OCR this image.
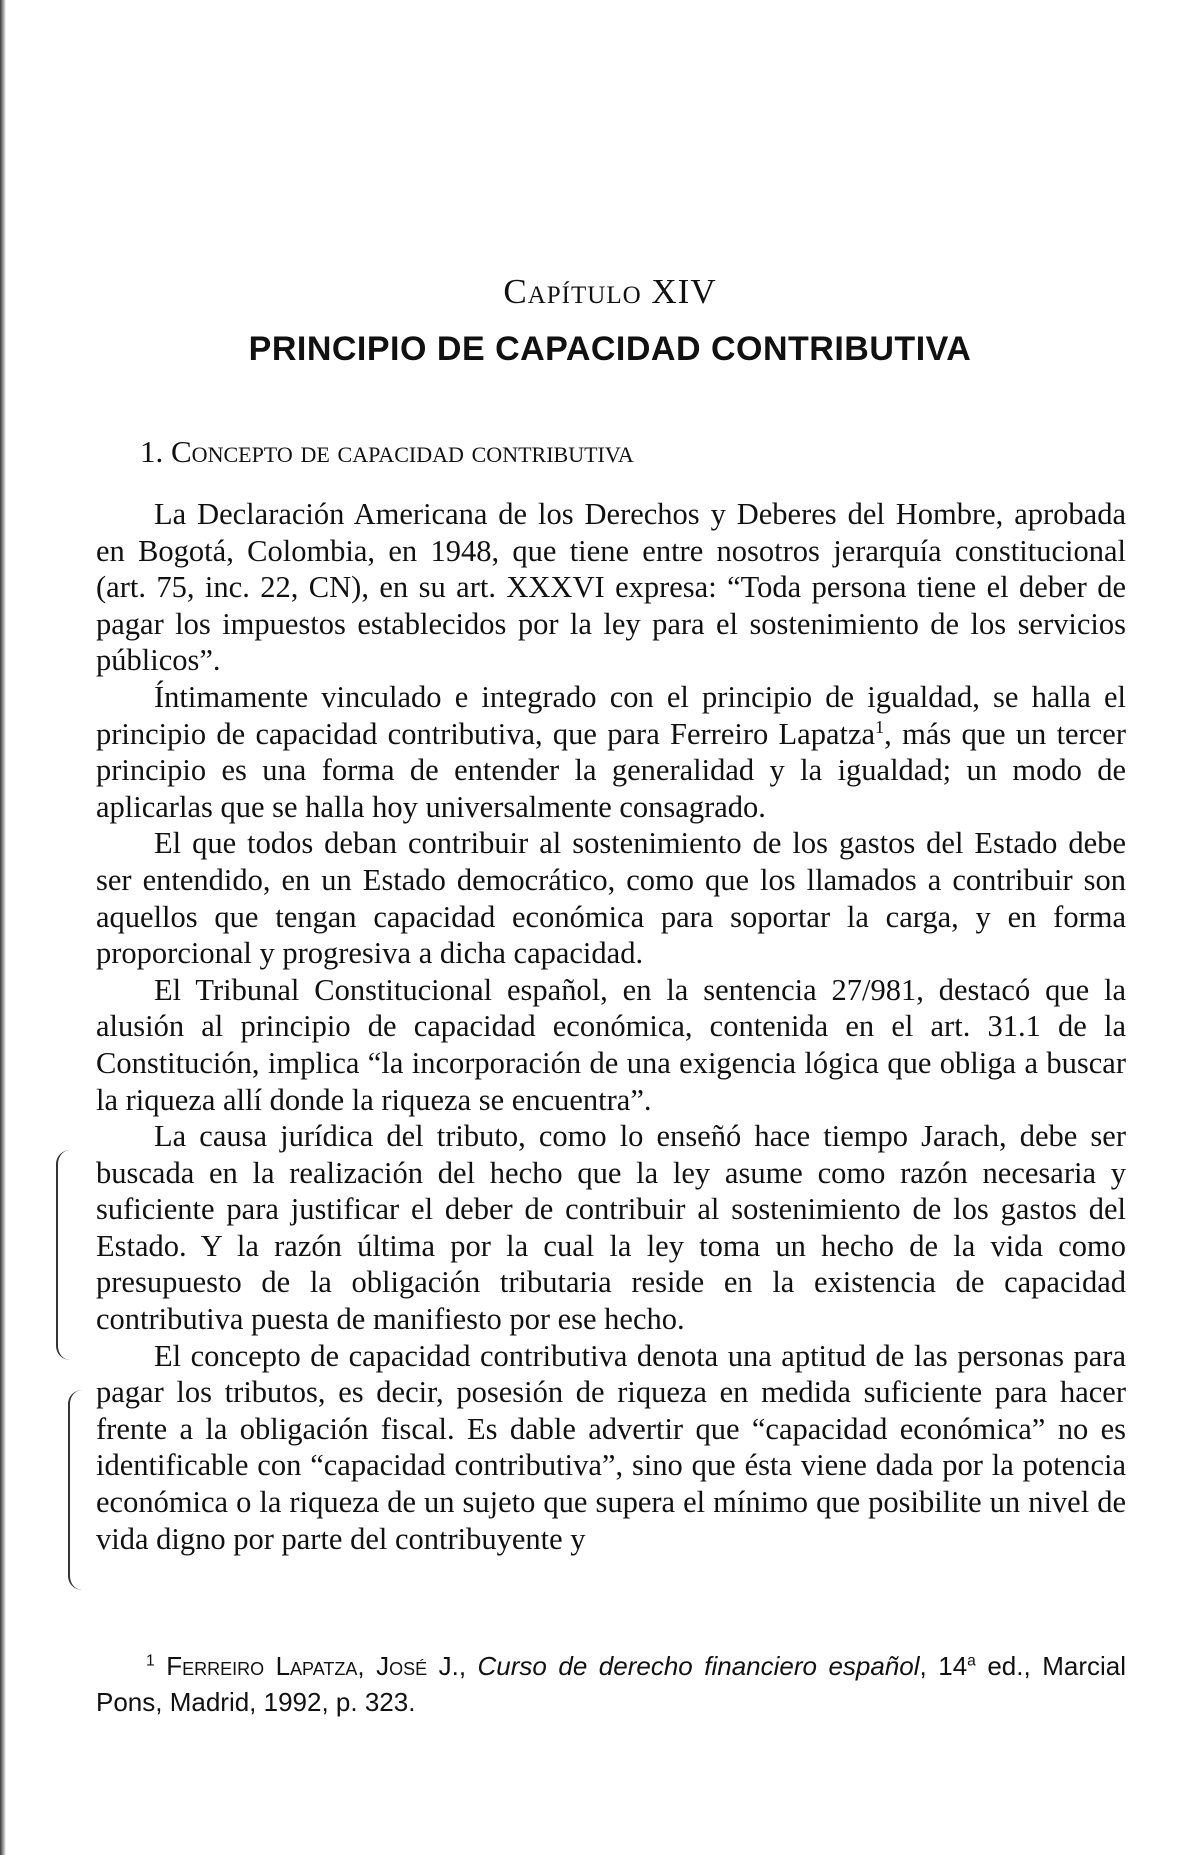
Capítulo XIV
PRINCIPIO DE CAPACIDAD CONTRIBUTIVA
1. Concepto de capacidad contributiva

La Declaración Americana de los Derechos y Deberes del Hombre, aprobada en Bogotá, Colombia, en 1948, que tiene entre nosotros jerarquía constitucional (art. 75, inc. 22, CN), en su art. XXXVI expresa: “Toda persona tiene el deber de pagar los impuestos establecidos por la ley para el sostenimiento de los servicios públicos”.

Íntimamente vinculado e integrado con el principio de igualdad, se halla el principio de capacidad contributiva, que para Ferreiro Lapatza$^1$, más que un tercer principio es una forma de entender la generalidad y la igualdad; un modo de aplicarlas que se halla hoy universalmente consagrado.

El que todos deban contribuir al sostenimiento de los gastos del Estado debe ser entendido, en un Estado democrático, como que los llamados a contribuir son aquellos que tengan capacidad económica para soportar la carga, y en forma proporcional y progresiva a dicha capacidad.

El Tribunal Constitucional español, en la sentencia 27/981, destacó que la alusión al principio de capacidad económica, contenida en el art. 31.1 de la Constitución, implica “la incorporación de una exigencia lógica que obliga a buscar la riqueza allí donde la riqueza se encuentra”.

La causa jurídica del tributo, como lo enseñó hace tiempo Jarach, debe ser buscada en la realización del hecho que la ley asume como razón necesaria y suficiente para justificar el deber de contribuir al sostenimiento de los gastos del Estado. Y la razón última por la cual la ley toma un hecho de la vida como presupuesto de la obligación tributaria reside en la existencia de capacidad contributiva puesta de manifiesto por ese hecho.

El concepto de capacidad contributiva denota una aptitud de las personas para pagar los tributos, es decir, posesión de riqueza en medida suficiente para hacer frente a la obligación fiscal. Es dable advertir que “capacidad económica” no es identificable con “capacidad contributiva”, sino que ésta viene dada por la potencia económica o la riqueza de un sujeto que supera el mínimo que posibilite un nivel de vida digno por parte del contribuyente y

$^1$ Ferreiro Lapatza, José J., Curso de derecho financiero español, 14$^a$ ed., Marcial Pons, Madrid, 1992, p. 323.
